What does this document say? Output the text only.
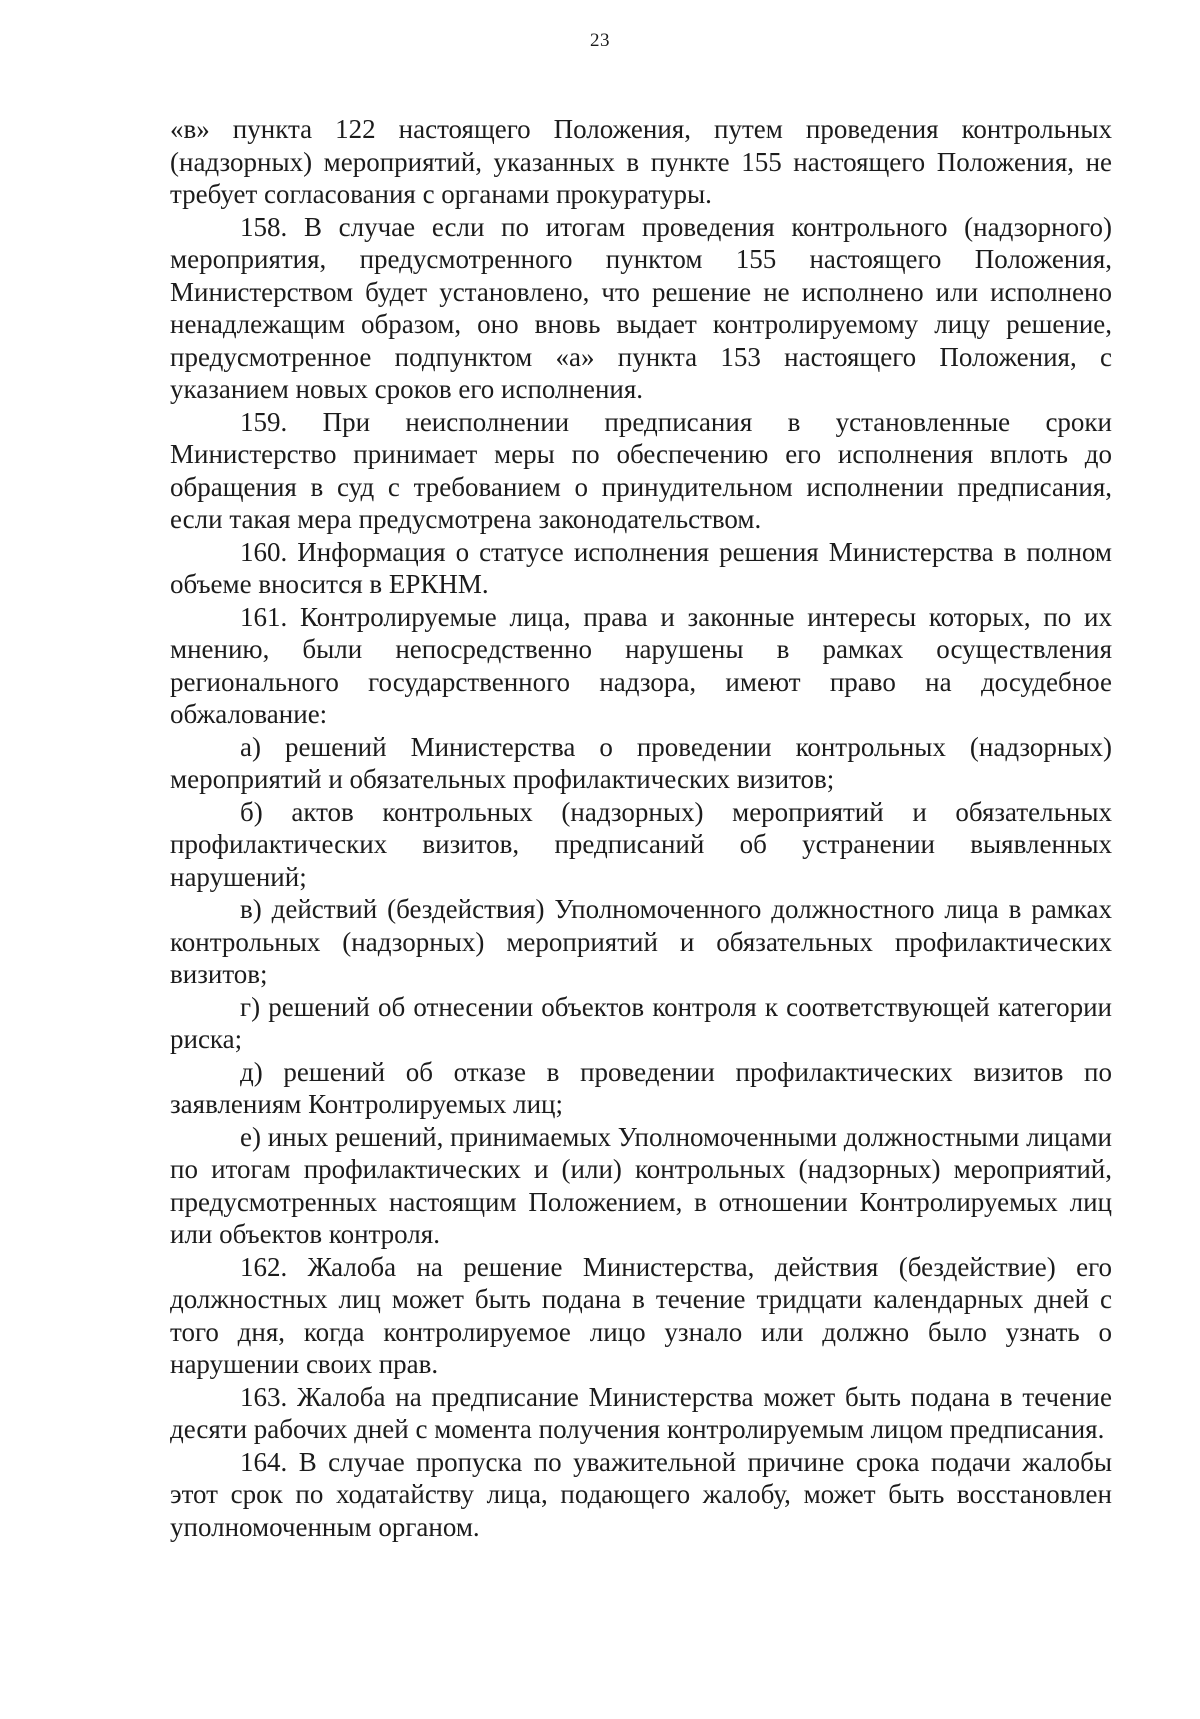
23

«в» пункта 122 настоящего Положения, путем проведения контрольных (надзорных) мероприятий, указанных в пункте 155 настоящего Положения, не требует согласования с органами прокуратуры.

158. В случае если по итогам проведения контрольного (надзорного) мероприятия, предусмотренного пунктом 155 настоящего Положения, Министерством будет установлено, что решение не исполнено или исполнено ненадлежащим образом, оно вновь выдает контролируемому лицу решение, предусмотренное подпунктом «а» пункта 153 настоящего Положения, с указанием новых сроков его исполнения.

159. При неисполнении предписания в установленные сроки Министерство принимает меры по обеспечению его исполнения вплоть до обращения в суд с требованием о принудительном исполнении предписания, если такая мера предусмотрена законодательством.

160. Информация о статусе исполнения решения Министерства в полном объеме вносится в ЕРКНМ.

161. Контролируемые лица, права и законные интересы которых, по их мнению, были непосредственно нарушены в рамках осуществления регионального государственного надзора, имеют право на досудебное обжалование:

а) решений Министерства о проведении контрольных (надзорных) мероприятий и обязательных профилактических визитов;

б) актов контрольных (надзорных) мероприятий и обязательных профилактических визитов, предписаний об устранении выявленных нарушений;

в) действий (бездействия) Уполномоченного должностного лица в рамках контрольных (надзорных) мероприятий и обязательных профилактических визитов;

г) решений об отнесении объектов контроля к соответствующей категории риска;

д) решений об отказе в проведении профилактических визитов по заявлениям Контролируемых лиц;

е) иных решений, принимаемых Уполномоченными должностными лицами по итогам профилактических и (или) контрольных (надзорных) мероприятий, предусмотренных настоящим Положением, в отношении Контролируемых лиц или объектов контроля.

162. Жалоба на решение Министерства, действия (бездействие) его должностных лиц может быть подана в течение тридцати календарных дней с того дня, когда контролируемое лицо узнало или должно было узнать о нарушении своих прав.

163. Жалоба на предписание Министерства может быть подана в течение десяти рабочих дней с момента получения контролируемым лицом предписания.

164. В случае пропуска по уважительной причине срока подачи жалобы этот срок по ходатайству лица, подающего жалобу, может быть восстановлен уполномоченным органом.
